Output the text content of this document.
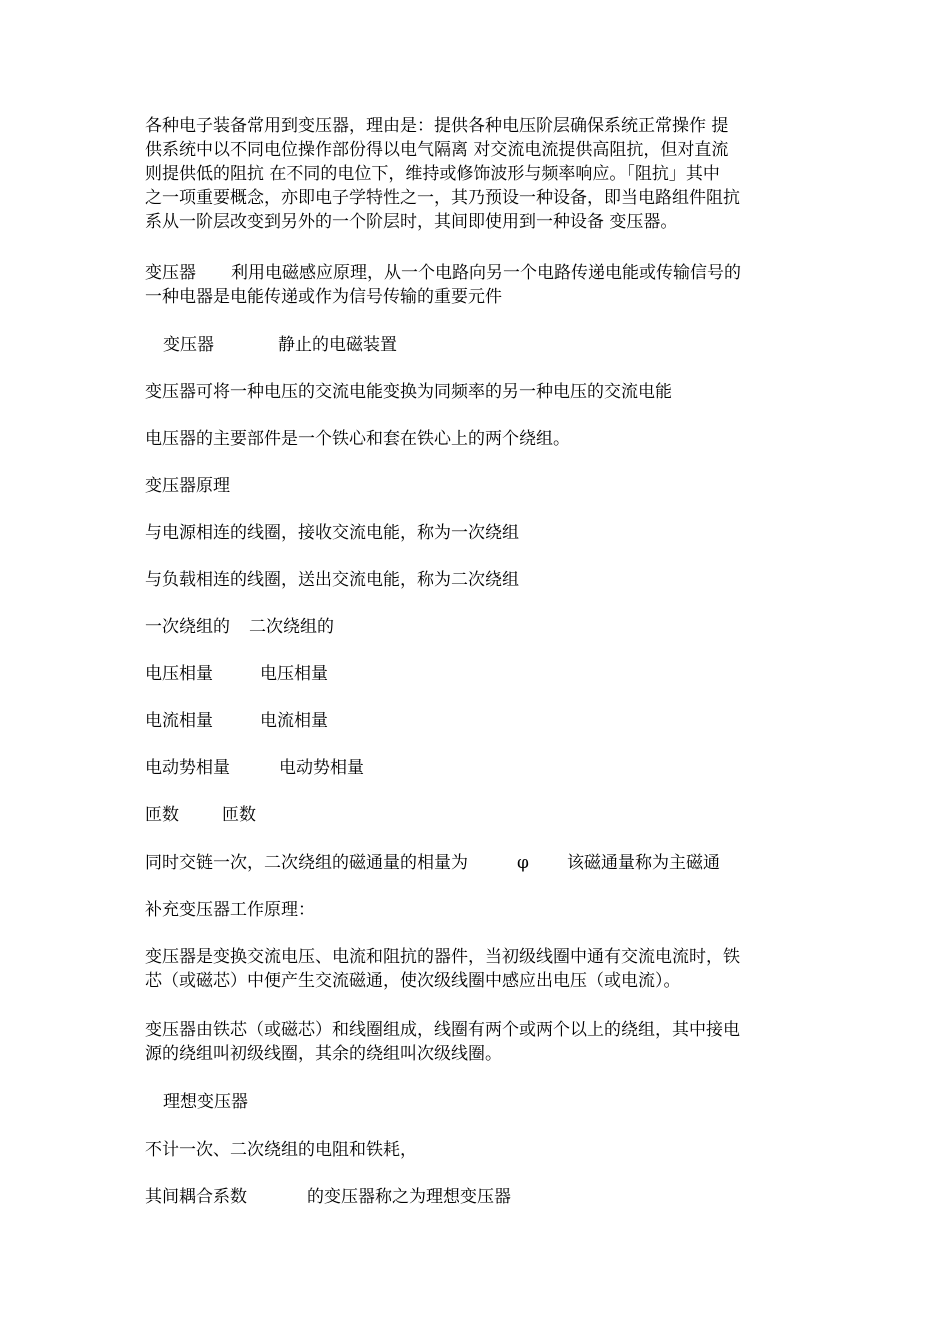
各种电子装备常用到变压器，理由是：提供各种电压阶层确保系统正常操作 提
供系统中以不同电位操作部份得以电气隔离 对交流电流提供高阻抗，但对直流
则提供低的阻抗 在不同的电位下，维持或修饰波形与频率响应。「阻抗」其中
之一项重要概念，亦即电子学特性之一，其乃预设一种设备，即当电路组件阻抗
系从一阶层改变到另外的一个阶层时，其间即使用到一种设备 变压器。
变压器 利用电磁感应原理，从一个电路向另一个电路传递电能或传输信号的
一种电器是电能传递或作为信号传输的重要元件
变压器	静止的电磁装置
变压器可将一种电压的交流电能变换为同频率的另一种电压的交流电能
电压器的主要部件是一个铁心和套在铁心上的两个绕组。
变压器原理
与电源相连的线圈，接收交流电能，称为一次绕组
与负载相连的线圈，送出交流电能，称为二次绕组
一次绕组的 二次绕组的
电压相量	电压相量
电流相量	电流相量
电动势相量	电动势相量
匝数	匝数
同时交链一次，二次绕组的磁通量的相量为	φ 该磁通量称为主磁通
补充变压器工作原理：
变压器是变换交流电压、电流和阻抗的器件，当初级线圈中通有交流电流时，铁
芯（或磁芯）中便产生交流磁通，使次级线圈中感应出电压（或电流）。
变压器由铁芯（或磁芯）和线圈组成，线圈有两个或两个以上的绕组，其中接电
源的绕组叫初级线圈，其余的绕组叫次级线圈。
理想变压器
不计一次、二次绕组的电阻和铁耗，
其间耦合系数	的变压器称之为理想变压器
